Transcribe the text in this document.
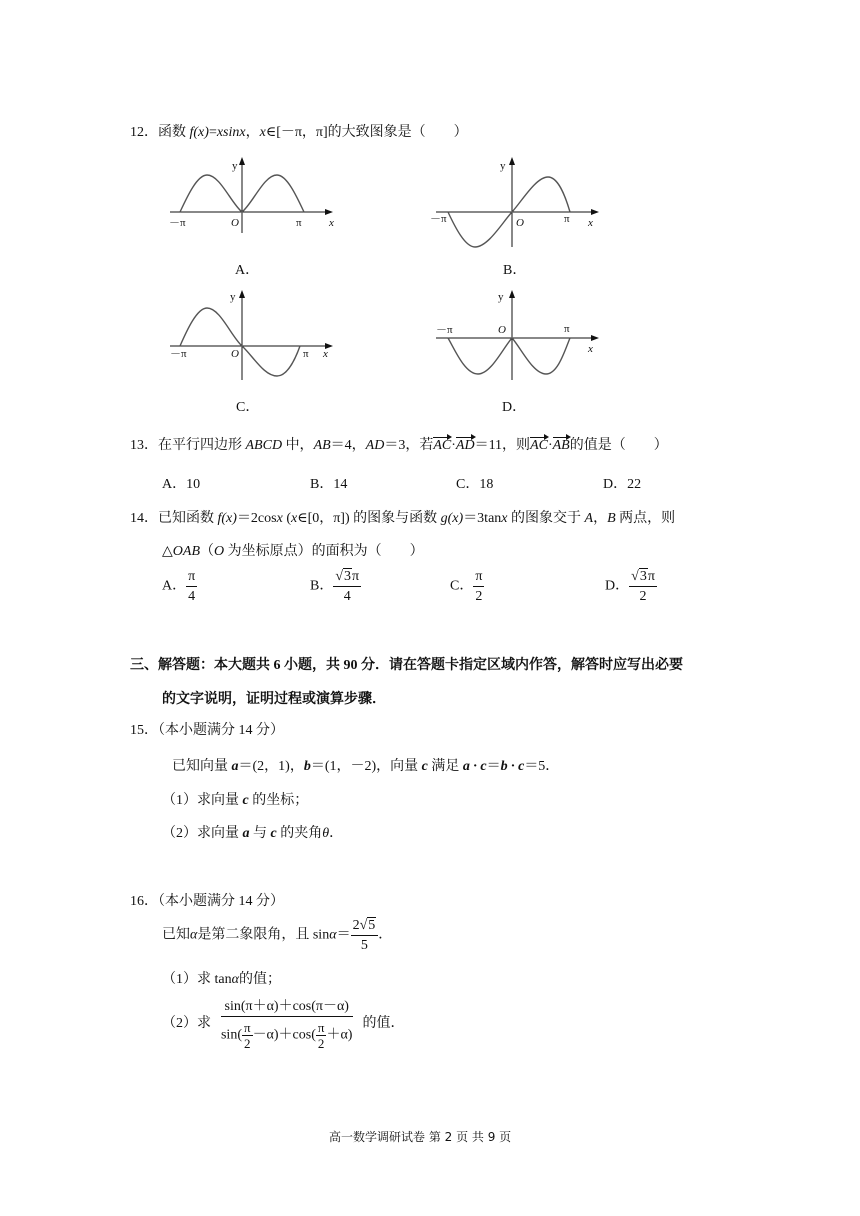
12．函数 f(x)=xsinx，x∈[－π，π]的大致图象是（　　）
y
x
O
－π	π
A．
y
x
O
－π	π
B．
y
x
O
－π	π
C．
y
x
O
－π	π
D．
13．在平行四边形 ABCD 中，AB＝4，AD＝3，若AC·AD＝11，则AC·AB的值是（　　）
A．10	B．14	C．18	D．22
14．已知函数 f(x)＝2cosx (x∈[0，π]) 的图象与函数 g(x)＝3tanx 的图象交于 A，B 两点，则
△OAB（O 为坐标原点）的面积为（　　）
A． $\frac{\pi}{4}$	B． $\frac{√3\pi}{4}$	C． $\frac{\pi}{2}$	D． $\frac{√3\pi}{2}$
三、解答题：本大题共 6 小题，共 90 分．请在答题卡指定区域内作答，解答时应写出必要
的文字说明，证明过程或演算步骤．
15．（本小题满分 14 分）
已知向量 a＝(2，1)，b＝(1，－2)，向量 c 满足 a · c＝b · c＝5．
（1）求向量 c 的坐标；
（2）求向量 a 与 c 的夹角θ．
16．（本小题满分 14 分）
已知α是第二象限角，且 $\sin\alpha= \frac{2√5}{5}$ ．
（1）求 tanα的值；
（2）求 $\frac{\sin(\pi+\alpha)+\cos(\pi-\alpha)}{\sin( \frac{\pi}{2} -\alpha)+\cos( \frac{\pi}{2} +\alpha)}$ 的值．
高一数学调研试卷 第 2 页 共 9 页
